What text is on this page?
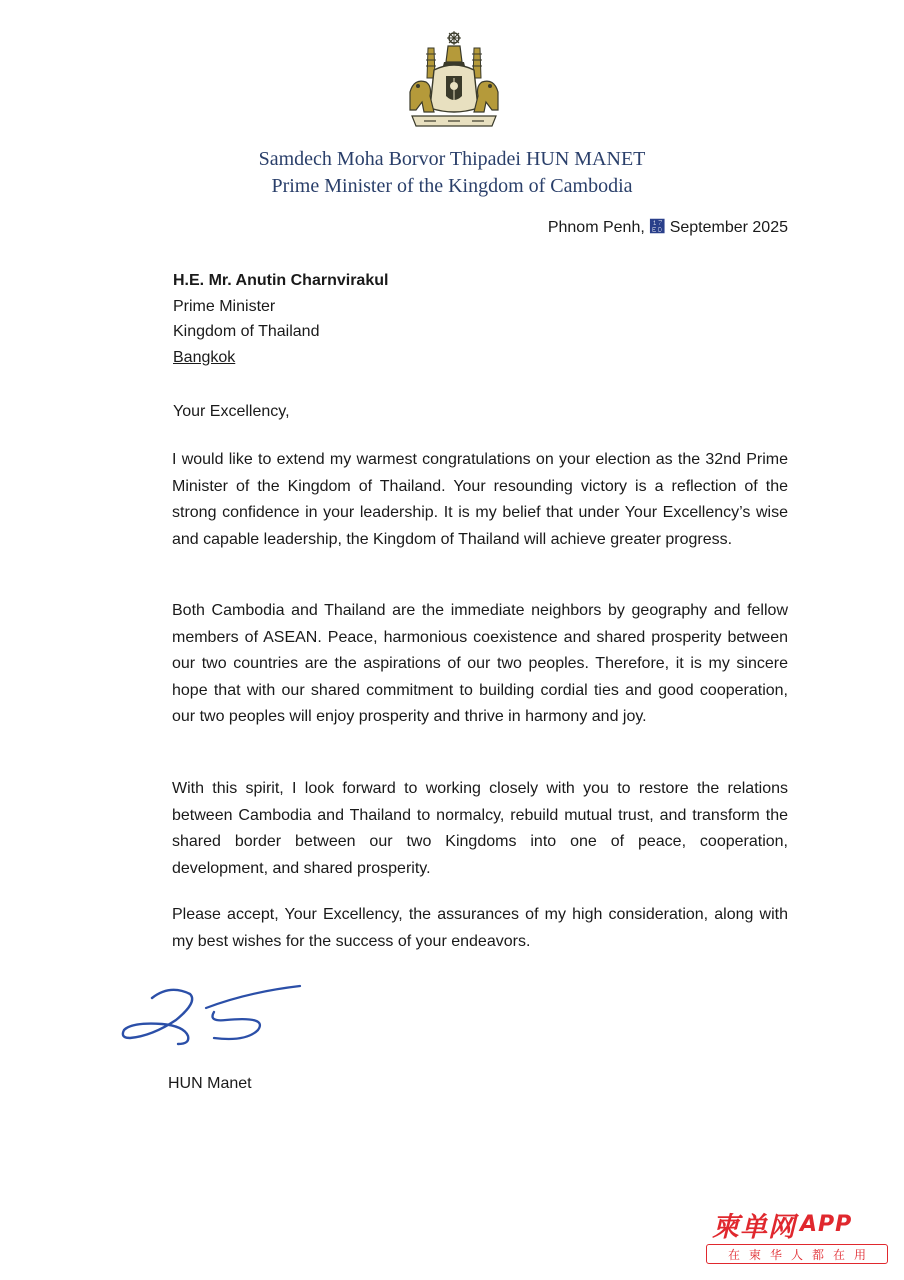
Samdech Moha Borvor Thipadei HUN MANET
Prime Minister of the Kingdom of Cambodia
Phnom Penh, ៭ September 2025
H.E. Mr. Anutin Charnvirakul
Prime Minister
Kingdom of Thailand
Bangkok
Your Excellency,

I would like to extend my warmest congratulations on your election as the 32nd Prime Minister of the Kingdom of Thailand. Your resounding victory is a reflection of the strong confidence in your leadership. It is my belief that under Your Excellency’s wise and capable leadership, the Kingdom of Thailand will achieve greater progress.

Both Cambodia and Thailand are the immediate neighbors by geography and fellow members of ASEAN. Peace, harmonious coexistence and shared prosperity between our two countries are the aspirations of our two peoples. Therefore, it is my sincere hope that with our shared commitment to building cordial ties and good cooperation, our two peoples will enjoy prosperity and thrive in harmony and joy.

With this spirit, I look forward to working closely with you to restore the relations between Cambodia and Thailand to normalcy, rebuild mutual trust, and transform the shared border between our two Kingdoms into one of peace, cooperation, development, and shared prosperity.

Please accept, Your Excellency, the assurances of my high consideration, along with my best wishes for the success of your endeavors.

HUN Manet
柬单网 APP
在柬华人都在用
